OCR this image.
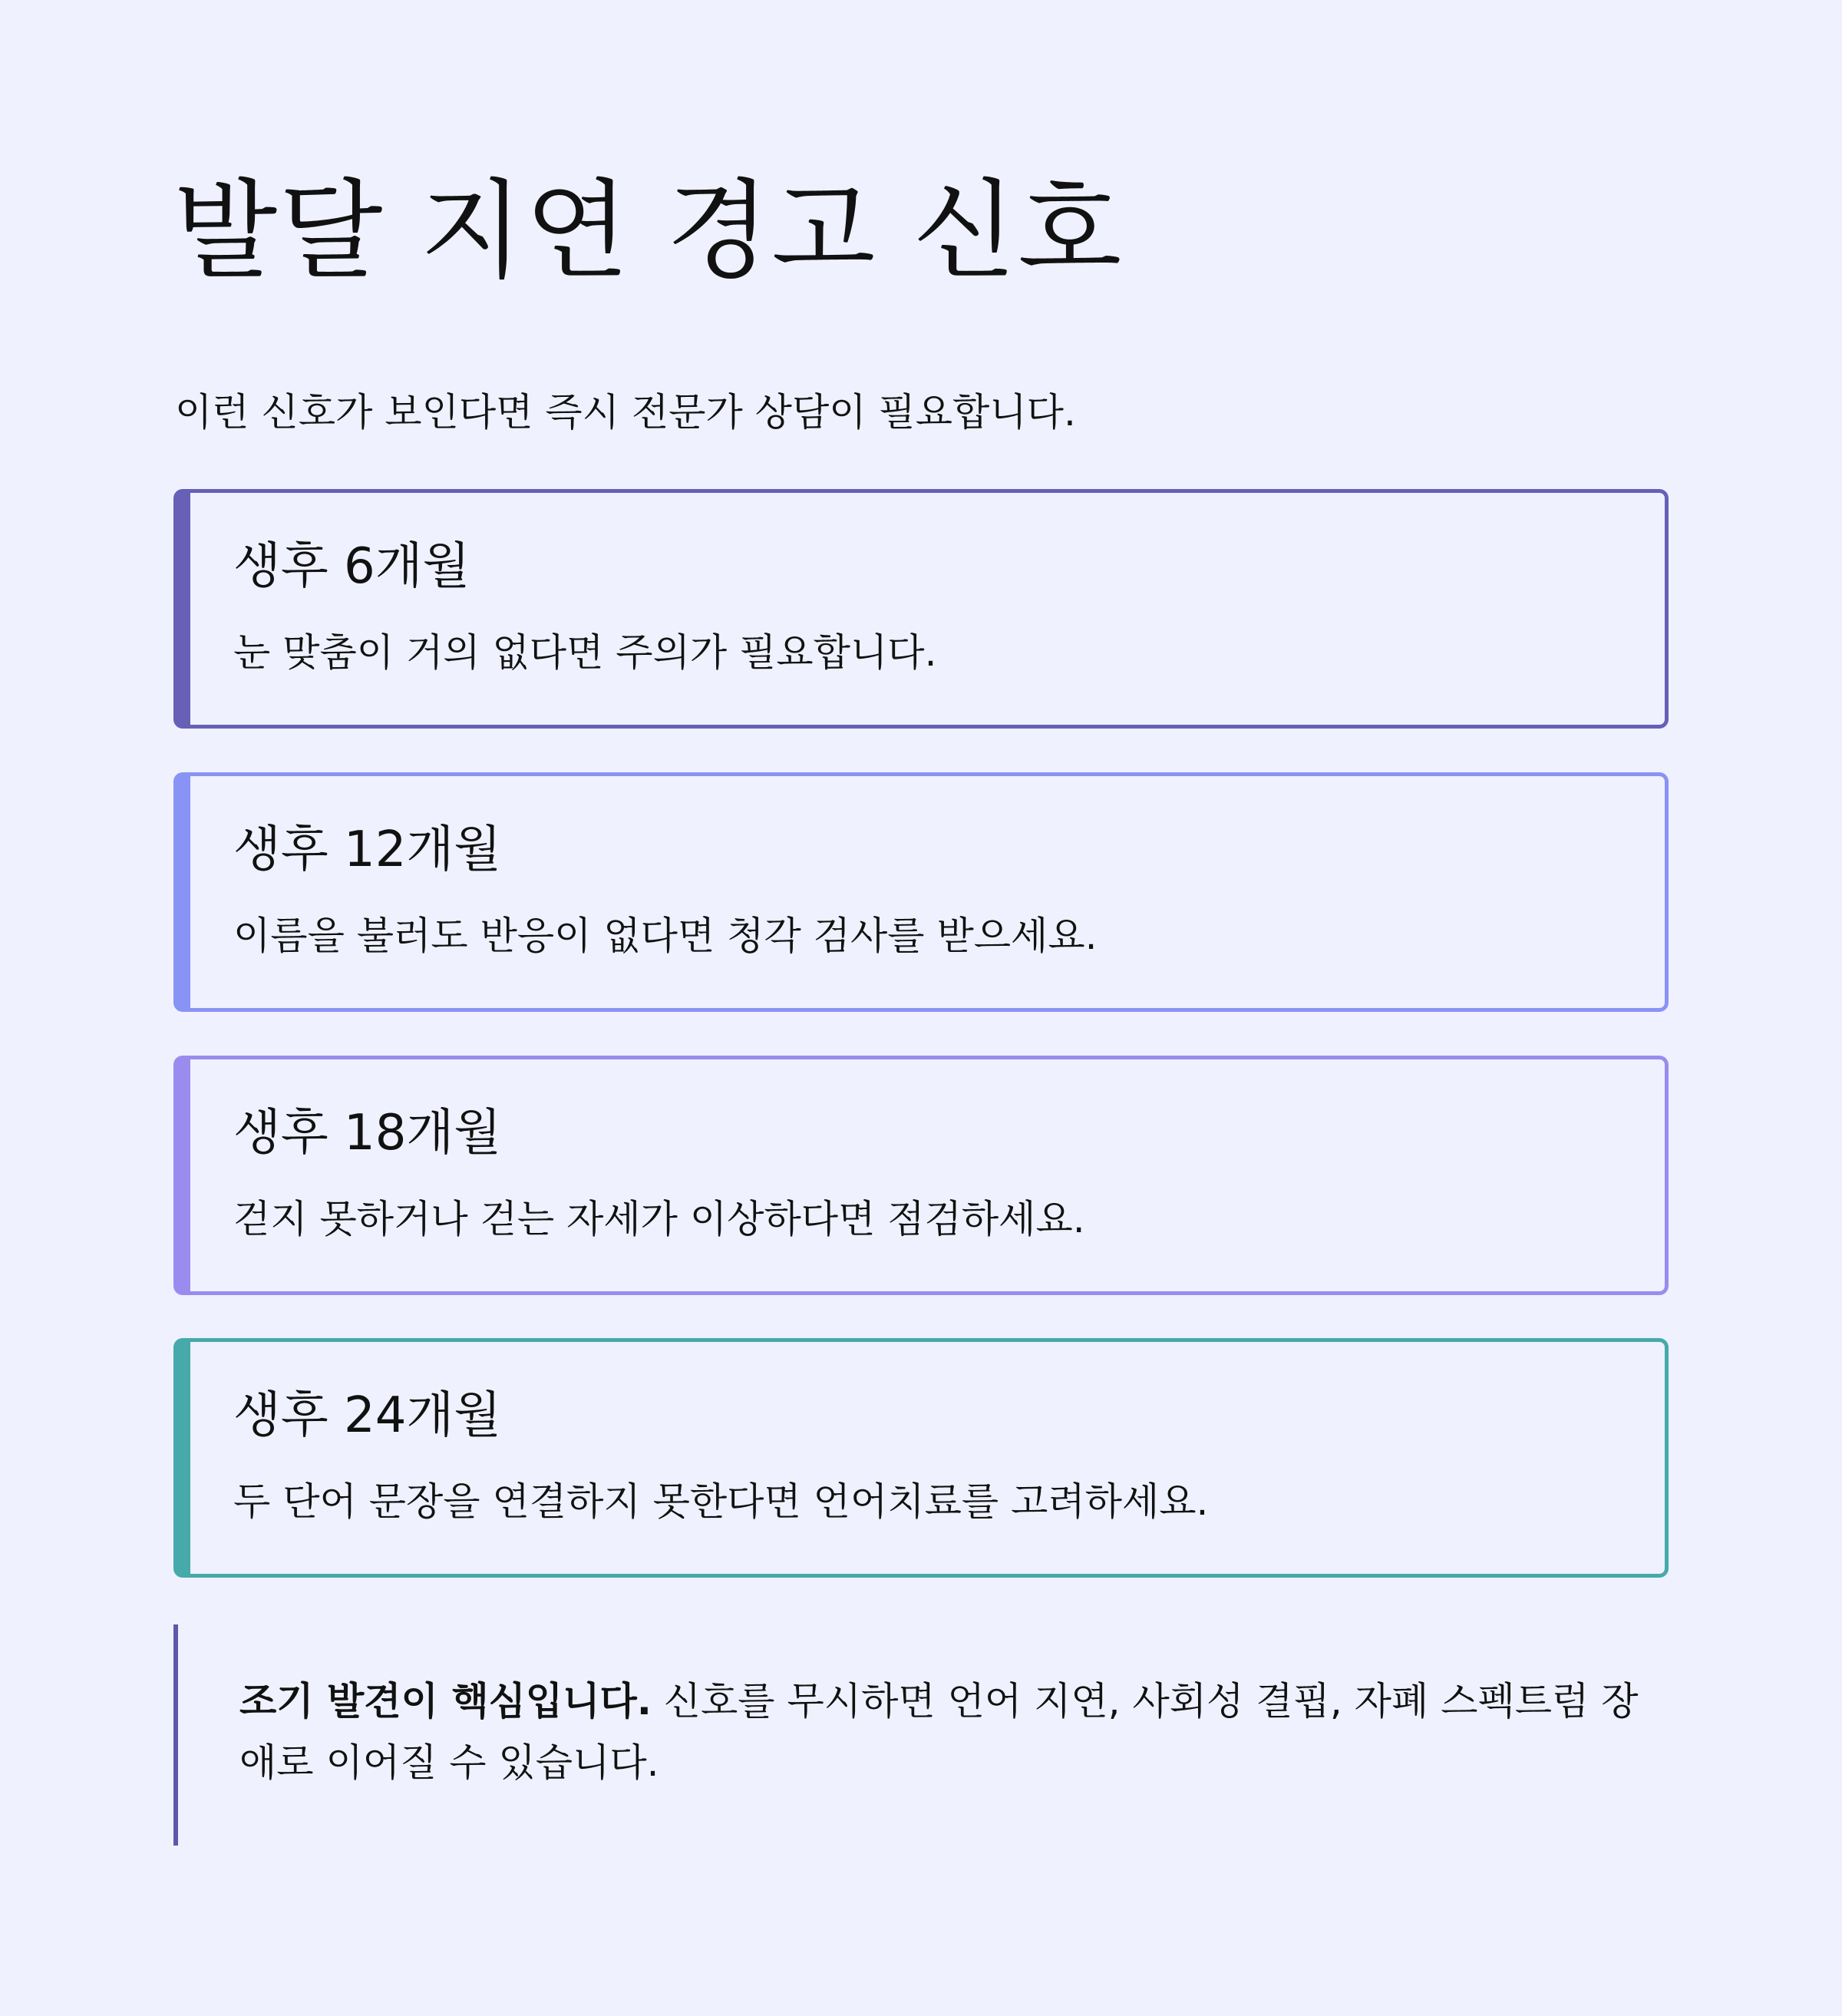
발달 지연 경고 신호

이런 신호가 보인다면 즉시 전문가 상담이 필요합니다.

생후 6개월

눈 맞춤이 거의 없다면 주의가 필요합니다.

생후 12개월

이름을 불러도 반응이 없다면 청각 검사를 받으세요.

생후 18개월

걷지 못하거나 걷는 자세가 이상하다면 점검하세요.

생후 24개월

두 단어 문장을 연결하지 못한다면 언어치료를 고려하세요.

조기 발견이 핵심입니다. 신호를 무시하면 언어 지연, 사회성 결핍, 자폐 스펙트럼 장애로 이어질 수 있습니다.
